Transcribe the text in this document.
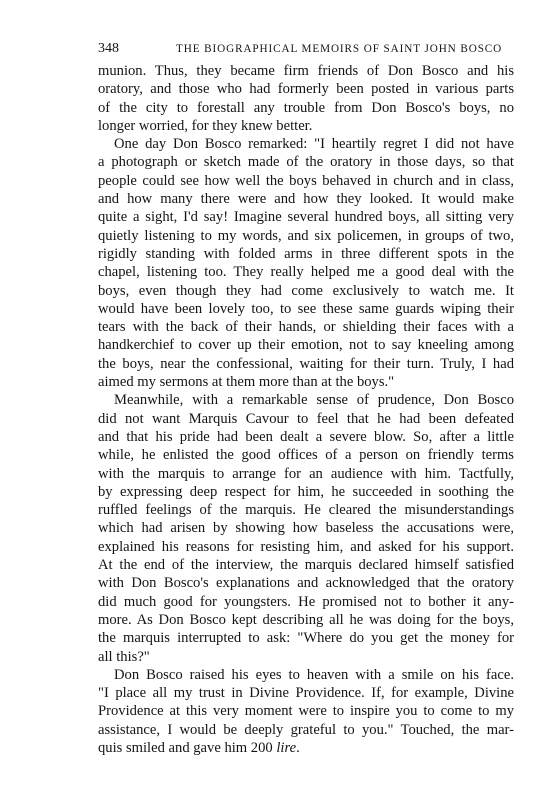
348	THE BIOGRAPHICAL MEMOIRS OF SAINT JOHN BOSCO

munion. Thus, they became firm friends of Don Bosco and his
oratory, and those who had formerly been posted in various parts
of the city to forestall any trouble from Don Bosco's boys, no
longer worried, for they knew better.

One day Don Bosco remarked: "I heartily regret I did not have
a photograph or sketch made of the oratory in those days, so that
people could see how well the boys behaved in church and in class,
and how many there were and how they looked. It would make
quite a sight, I'd say! Imagine several hundred boys, all sitting very
quietly listening to my words, and six policemen, in groups of two,
rigidly standing with folded arms in three different spots in the
chapel, listening too. They really helped me a good deal with the
boys, even though they had come exclusively to watch me. It
would have been lovely too, to see these same guards wiping their
tears with the back of their hands, or shielding their faces with a
handkerchief to cover up their emotion, not to say kneeling among
the boys, near the confessional, waiting for their turn. Truly, I had
aimed my sermons at them more than at the boys."

Meanwhile, with a remarkable sense of prudence, Don Bosco
did not want Marquis Cavour to feel that he had been defeated
and that his pride had been dealt a severe blow. So, after a little
while, he enlisted the good offices of a person on friendly terms
with the marquis to arrange for an audience with him. Tactfully,
by expressing deep respect for him, he succeeded in soothing the
ruffled feelings of the marquis. He cleared the misunderstandings
which had arisen by showing how baseless the accusations were,
explained his reasons for resisting him, and asked for his support.
At the end of the interview, the marquis declared himself satisfied
with Don Bosco's explanations and acknowledged that the oratory
did much good for youngsters. He promised not to bother it any-
more. As Don Bosco kept describing all he was doing for the boys,
the marquis interrupted to ask: "Where do you get the money for
all this?"

Don Bosco raised his eyes to heaven with a smile on his face.
"I place all my trust in Divine Providence. If, for example, Divine
Providence at this very moment were to inspire you to come to my
assistance, I would be deeply grateful to you." Touched, the mar-
quis smiled and gave him 200 lire.
